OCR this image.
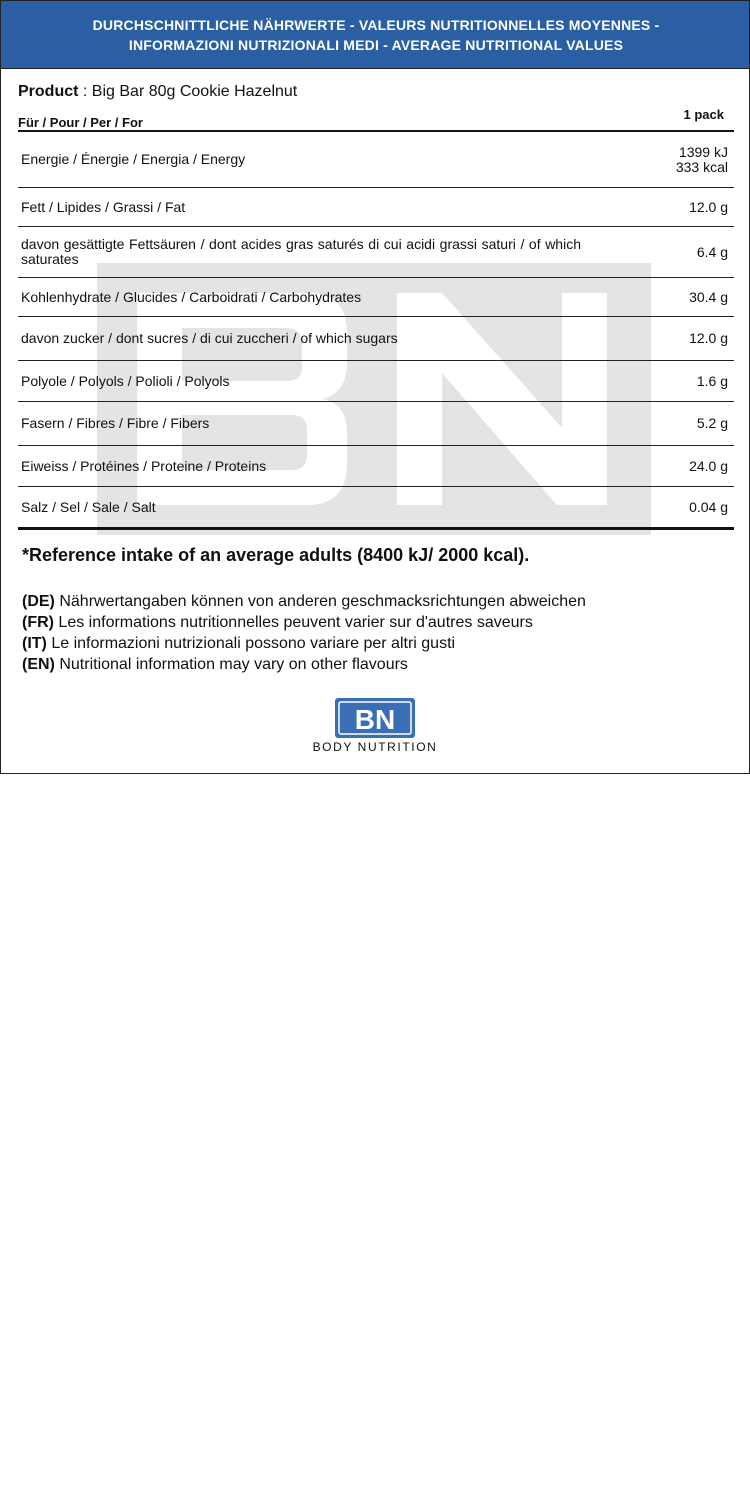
DURCHSCHNITTLICHE NÄHRWERTE - VALEURS NUTRITIONNELLES MOYENNES -
INFORMAZIONI NUTRIZIONALI MEDI - AVERAGE NUTRITIONAL VALUES
Product : Big Bar 80g Cookie Hazelnut
Für / Pour / Per / For
1 pack
Energie / Énergie / Energia / Energy	1399 kJ
333 kcal
Fett / Lipides / Grassi / Fat	12.0 g
davon gesättigte Fettsäuren / dont acides gras saturés di cui acidi grassi saturi / of which saturates	6.4 g
Kohlenhydrate / Glucides / Carboidrati / Carbohydrates	30.4 g
davon zucker / dont sucres / di cui zuccheri / of which sugars	12.0 g
Polyole / Polyols / Polioli / Polyols	1.6 g
Fasern / Fibres / Fibre / Fibers	5.2 g
Eiweiss / Protéines / Proteine / Proteins	24.0 g
Salz / Sel / Sale / Salt	0.04 g
*Reference intake of an average adults (8400 kJ/ 2000 kcal).
(DE) Nährwertangaben können von anderen geschmacksrichtungen abweichen
(FR) Les informations nutritionnelles peuvent varier sur d'autres saveurs
(IT) Le informazioni nutrizionali possono variare per altri gusti
(EN) Nutritional information may vary on other flavours
BN
BODY NUTRITION
